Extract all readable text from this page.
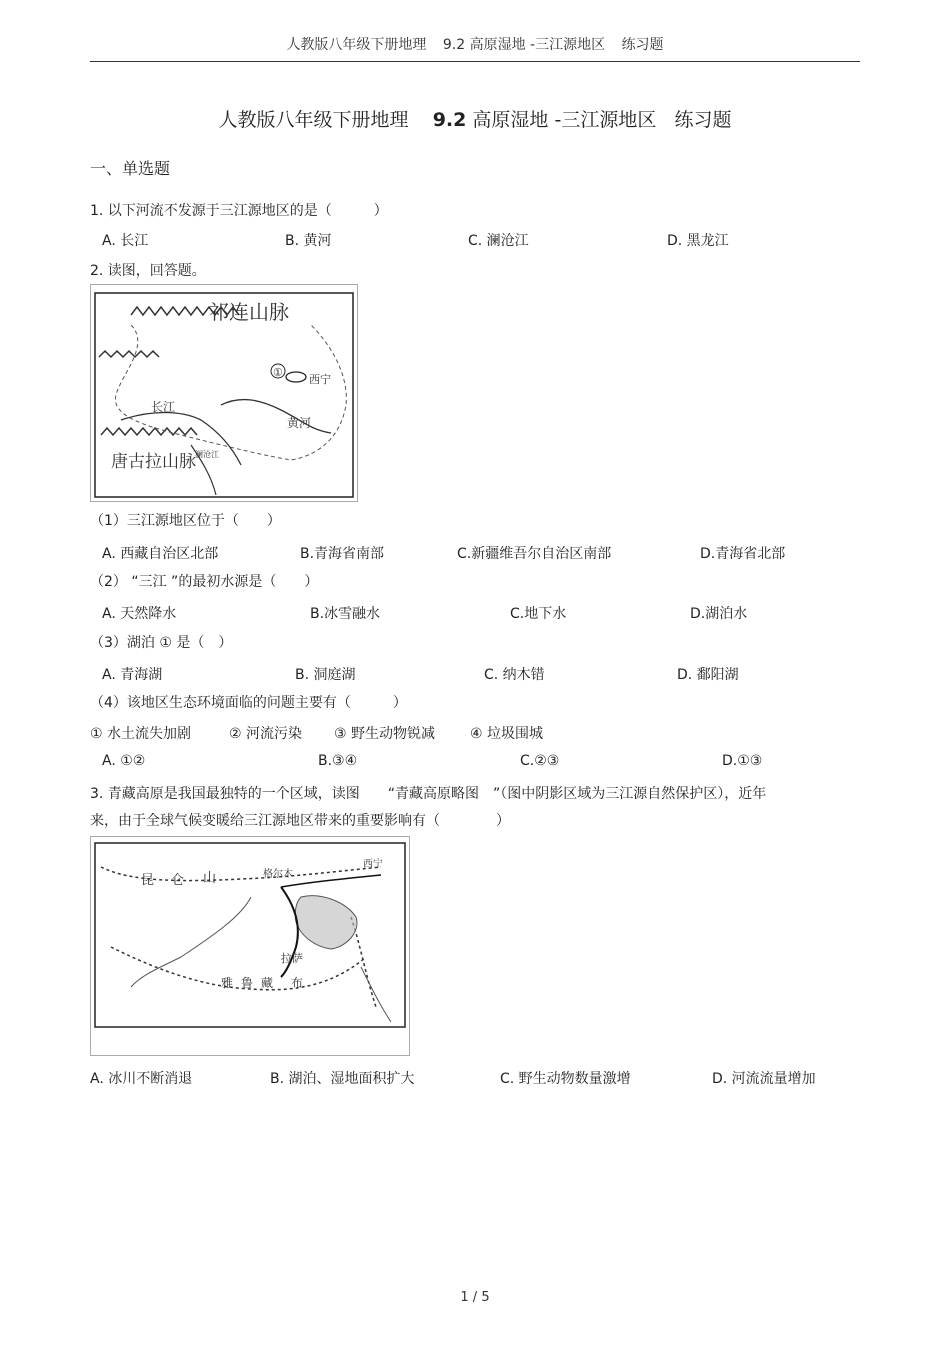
人教版八年级下册地理 9.2 高原湿地 -三江源地区 练习题
人教版八年级下册地理 9.2 高原湿地 -三江源地区 练习题
一、单选题
1. 以下河流不发源于三江源地区的是（　　　）
A. 长江	B. 黄河	C. 澜沧江	D. 黑龙江
2. 读图，回答题。
祁连山脉
①
西宁
长江
黄河
唐古拉山脉 澜沧江
（1）三江源地区位于（　　）
A. 西藏自治区北部	B.青海省南部	C.新疆维吾尔自治区南部	D.青海省北部
（2） “三江 ”的最初水源是（　　）
A. 天然降水	B.冰雪融水	C.地下水	D.湖泊水
（3）湖泊 ① 是（　）
A. 青海湖	B. 洞庭湖	C. 纳木错	D. 鄱阳湖
（4）该地区生态环境面临的问题主要有（　　　）
① 水土流失加剧	② 河流污染 ③ 野生动物锐减 ④ 垃圾围城
A. ①②	B.③④	C.②③	D.①③
3. 青藏高原是我国最独特的一个区域，读图　　“青藏高原略图　”（图中阴影区域为三江源自然保护区），近年
来，由于全球气候变暖给三江源地区带来的重要影响有（　　　　）
昆 仑 山	格尔木
西宁
拉萨
雅 鲁 藏 布
A. 冰川不断消退	B. 湖泊、湿地面积扩大	C. 野生动物数量激增	D. 河流流量增加
1 / 5
